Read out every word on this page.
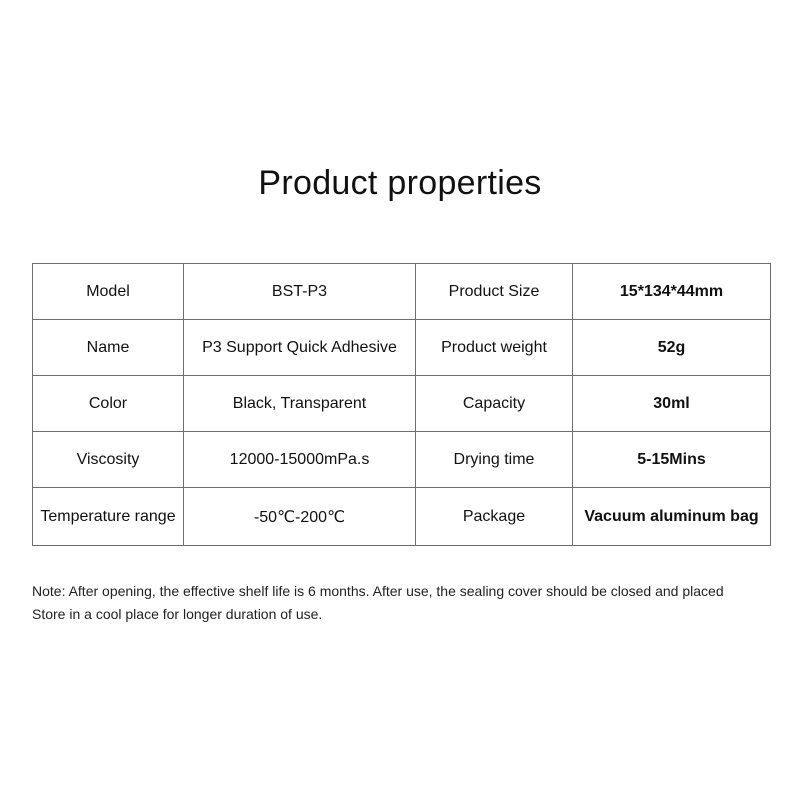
Product properties
Model	BST-P3	Product Size	15*134*44mm
Name	P3 Support Quick Adhesive	Product weight	52g
Color	Black, Transparent	Capacity	30ml
Viscosity	12000-15000mPa.s	Drying time	5-15Mins
Temperature range	-50℃-200℃	Package	Vacuum aluminum bag

Note: After opening, the effective shelf life is 6 months. After use, the sealing cover should be closed and placed Store in a cool place for longer duration of use.
